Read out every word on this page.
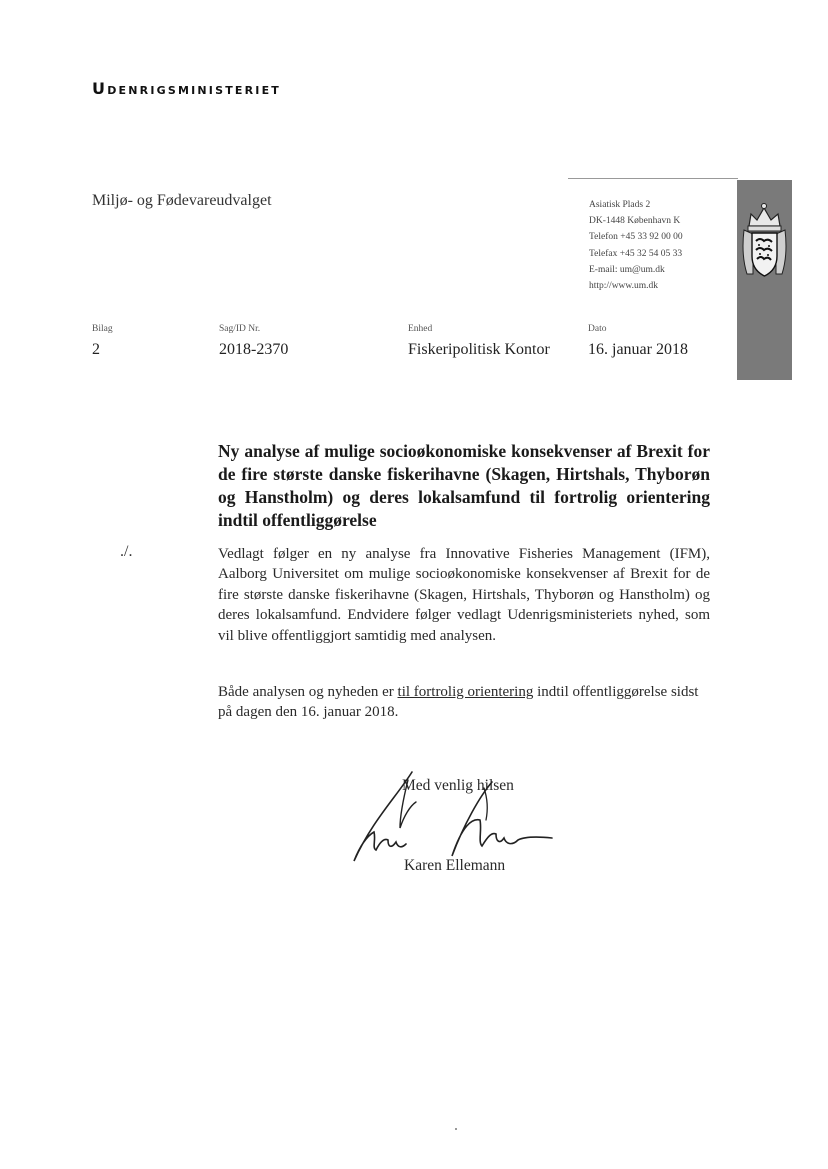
Udenrigsministeriet
Miljø- og Fødevareudvalget	Asiatisk Plads 2
DK-1448 København K
Telefon +45 33 92 00 00
Telefax +45 32 54 05 33
E-mail: um@um.dk
http://www.um.dk
Bilag
2
Sag/ID Nr.
2018-2370
Enhed
Fiskeripolitisk Kontor
Dato
16. januar 2018
Ny analyse af mulige socioøkonomiske konsekvenser af Brexit for de fire største danske fiskerihavne (Skagen, Hirtshals, Thyborøn og Hanstholm) og deres lokalsamfund til fortrolig orientering indtil offentliggørelse
./.	Vedlagt følger en ny analyse fra Innovative Fisheries Management (IFM), Aalborg Universitet om mulige socioøkonomiske konsekvenser af Brexit for de fire største danske fiskerihavne (Skagen, Hirtshals, Thyborøn og Hanstholm) og deres lokalsamfund. Endvidere følger vedlagt Udenrigsministeriets nyhed, som vil blive offentliggjort samtidig med analysen.
Både analysen og nyheden er til fortrolig orientering indtil offentliggørelse sidst på dagen den 16. januar 2018.
Med venlig hilsen
Karen Ellemann
